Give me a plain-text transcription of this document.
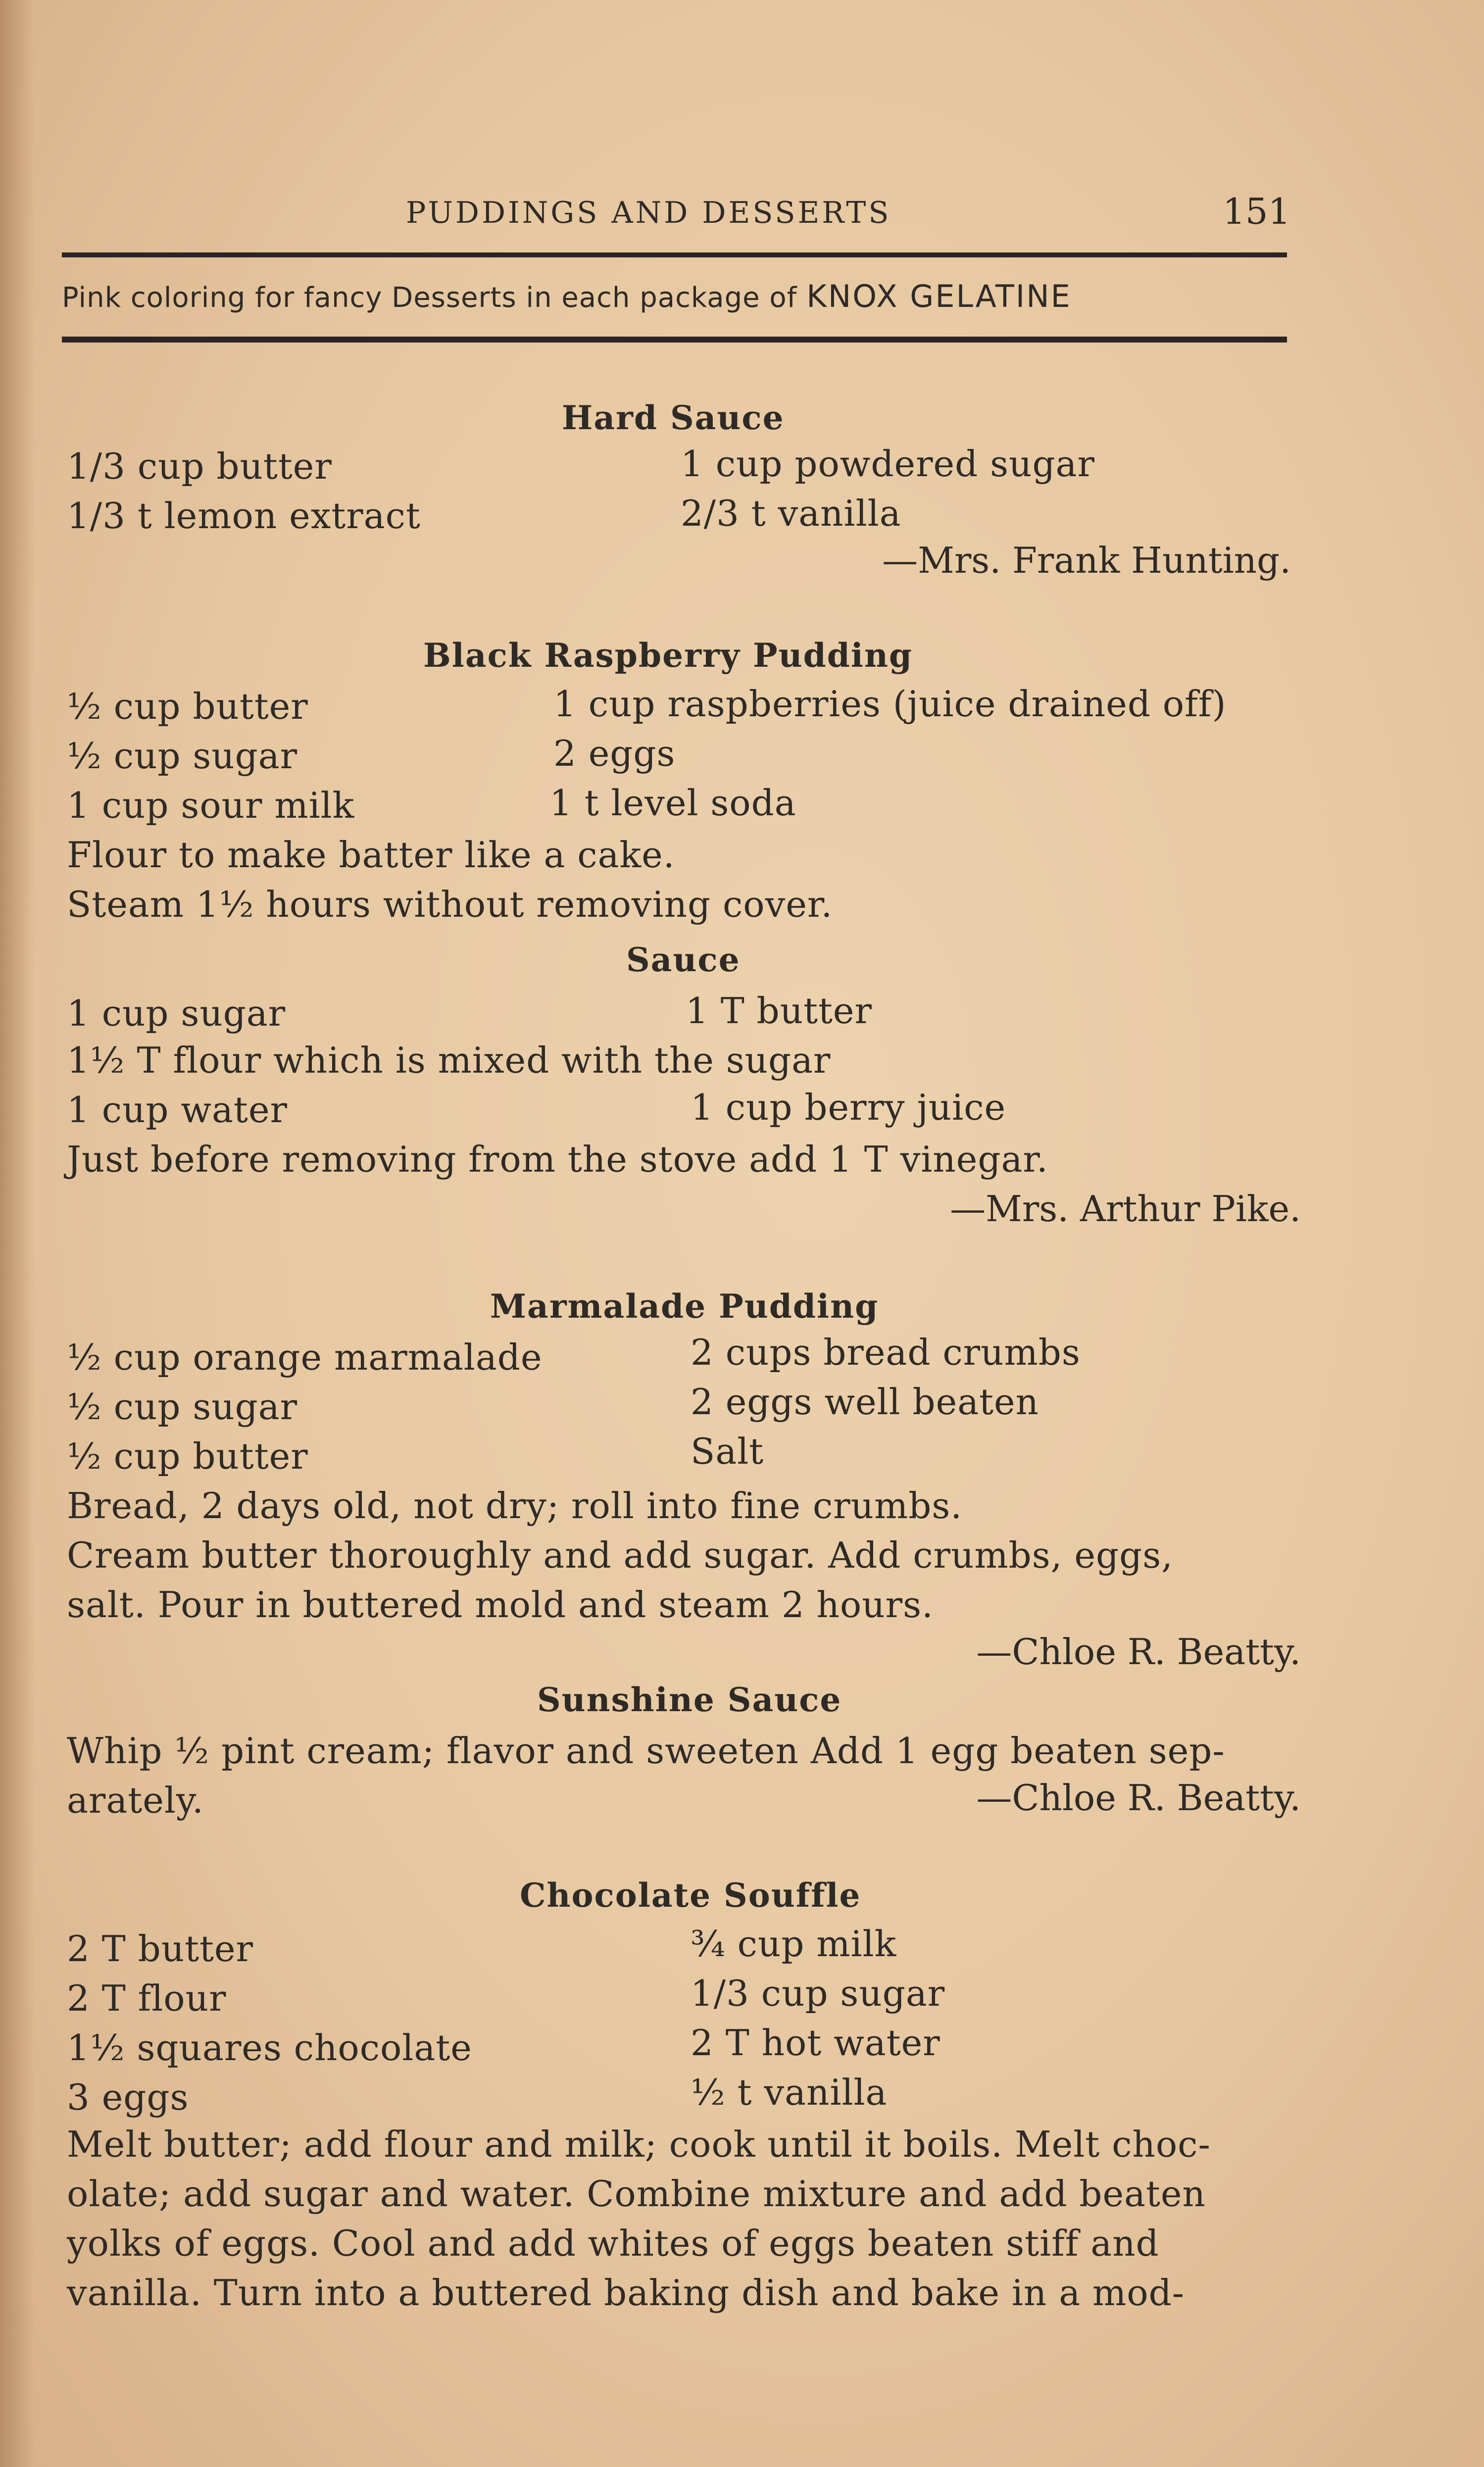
PUDDINGS AND DESSERTS	151
Pink coloring for fancy Desserts in each package of KNOX GELATINE
Hard Sauce
1/3 cup butter	1 cup powdered sugar
1/3 t lemon extract	2/3 t vanilla
—Mrs. Frank Hunting.
Black Raspberry Pudding
½ cup butter	1 cup raspberries (juice drained off)
½ cup sugar	2 eggs
1 cup sour milk	1 t level soda
Flour to make batter like a cake.
Steam 1½ hours without removing cover.
Sauce
1 cup sugar	1 T butter
1½ T flour which is mixed with the sugar
1 cup water	1 cup berry juice
Just before removing from the stove add 1 T vinegar.
—Mrs. Arthur Pike.
Marmalade Pudding
½ cup orange marmalade	2 cups bread crumbs
½ cup sugar	2 eggs well beaten
½ cup butter	Salt
Bread, 2 days old, not dry; roll into fine crumbs.
Cream butter thoroughly and add sugar. Add crumbs, eggs,
salt. Pour in buttered mold and steam 2 hours.
—Chloe R. Beatty.
Sunshine Sauce
Whip ½ pint cream; flavor and sweeten Add 1 egg beaten sep-
arately.	—Chloe R. Beatty.
Chocolate Souffle
2 T butter	¾ cup milk
2 T flour	1/3 cup sugar
1½ squares chocolate	2 T hot water
3 eggs	½ t vanilla
Melt butter; add flour and milk; cook until it boils. Melt choc-
olate; add sugar and water. Combine mixture and add beaten
yolks of eggs. Cool and add whites of eggs beaten stiff and
vanilla. Turn into a buttered baking dish and bake in a mod-
